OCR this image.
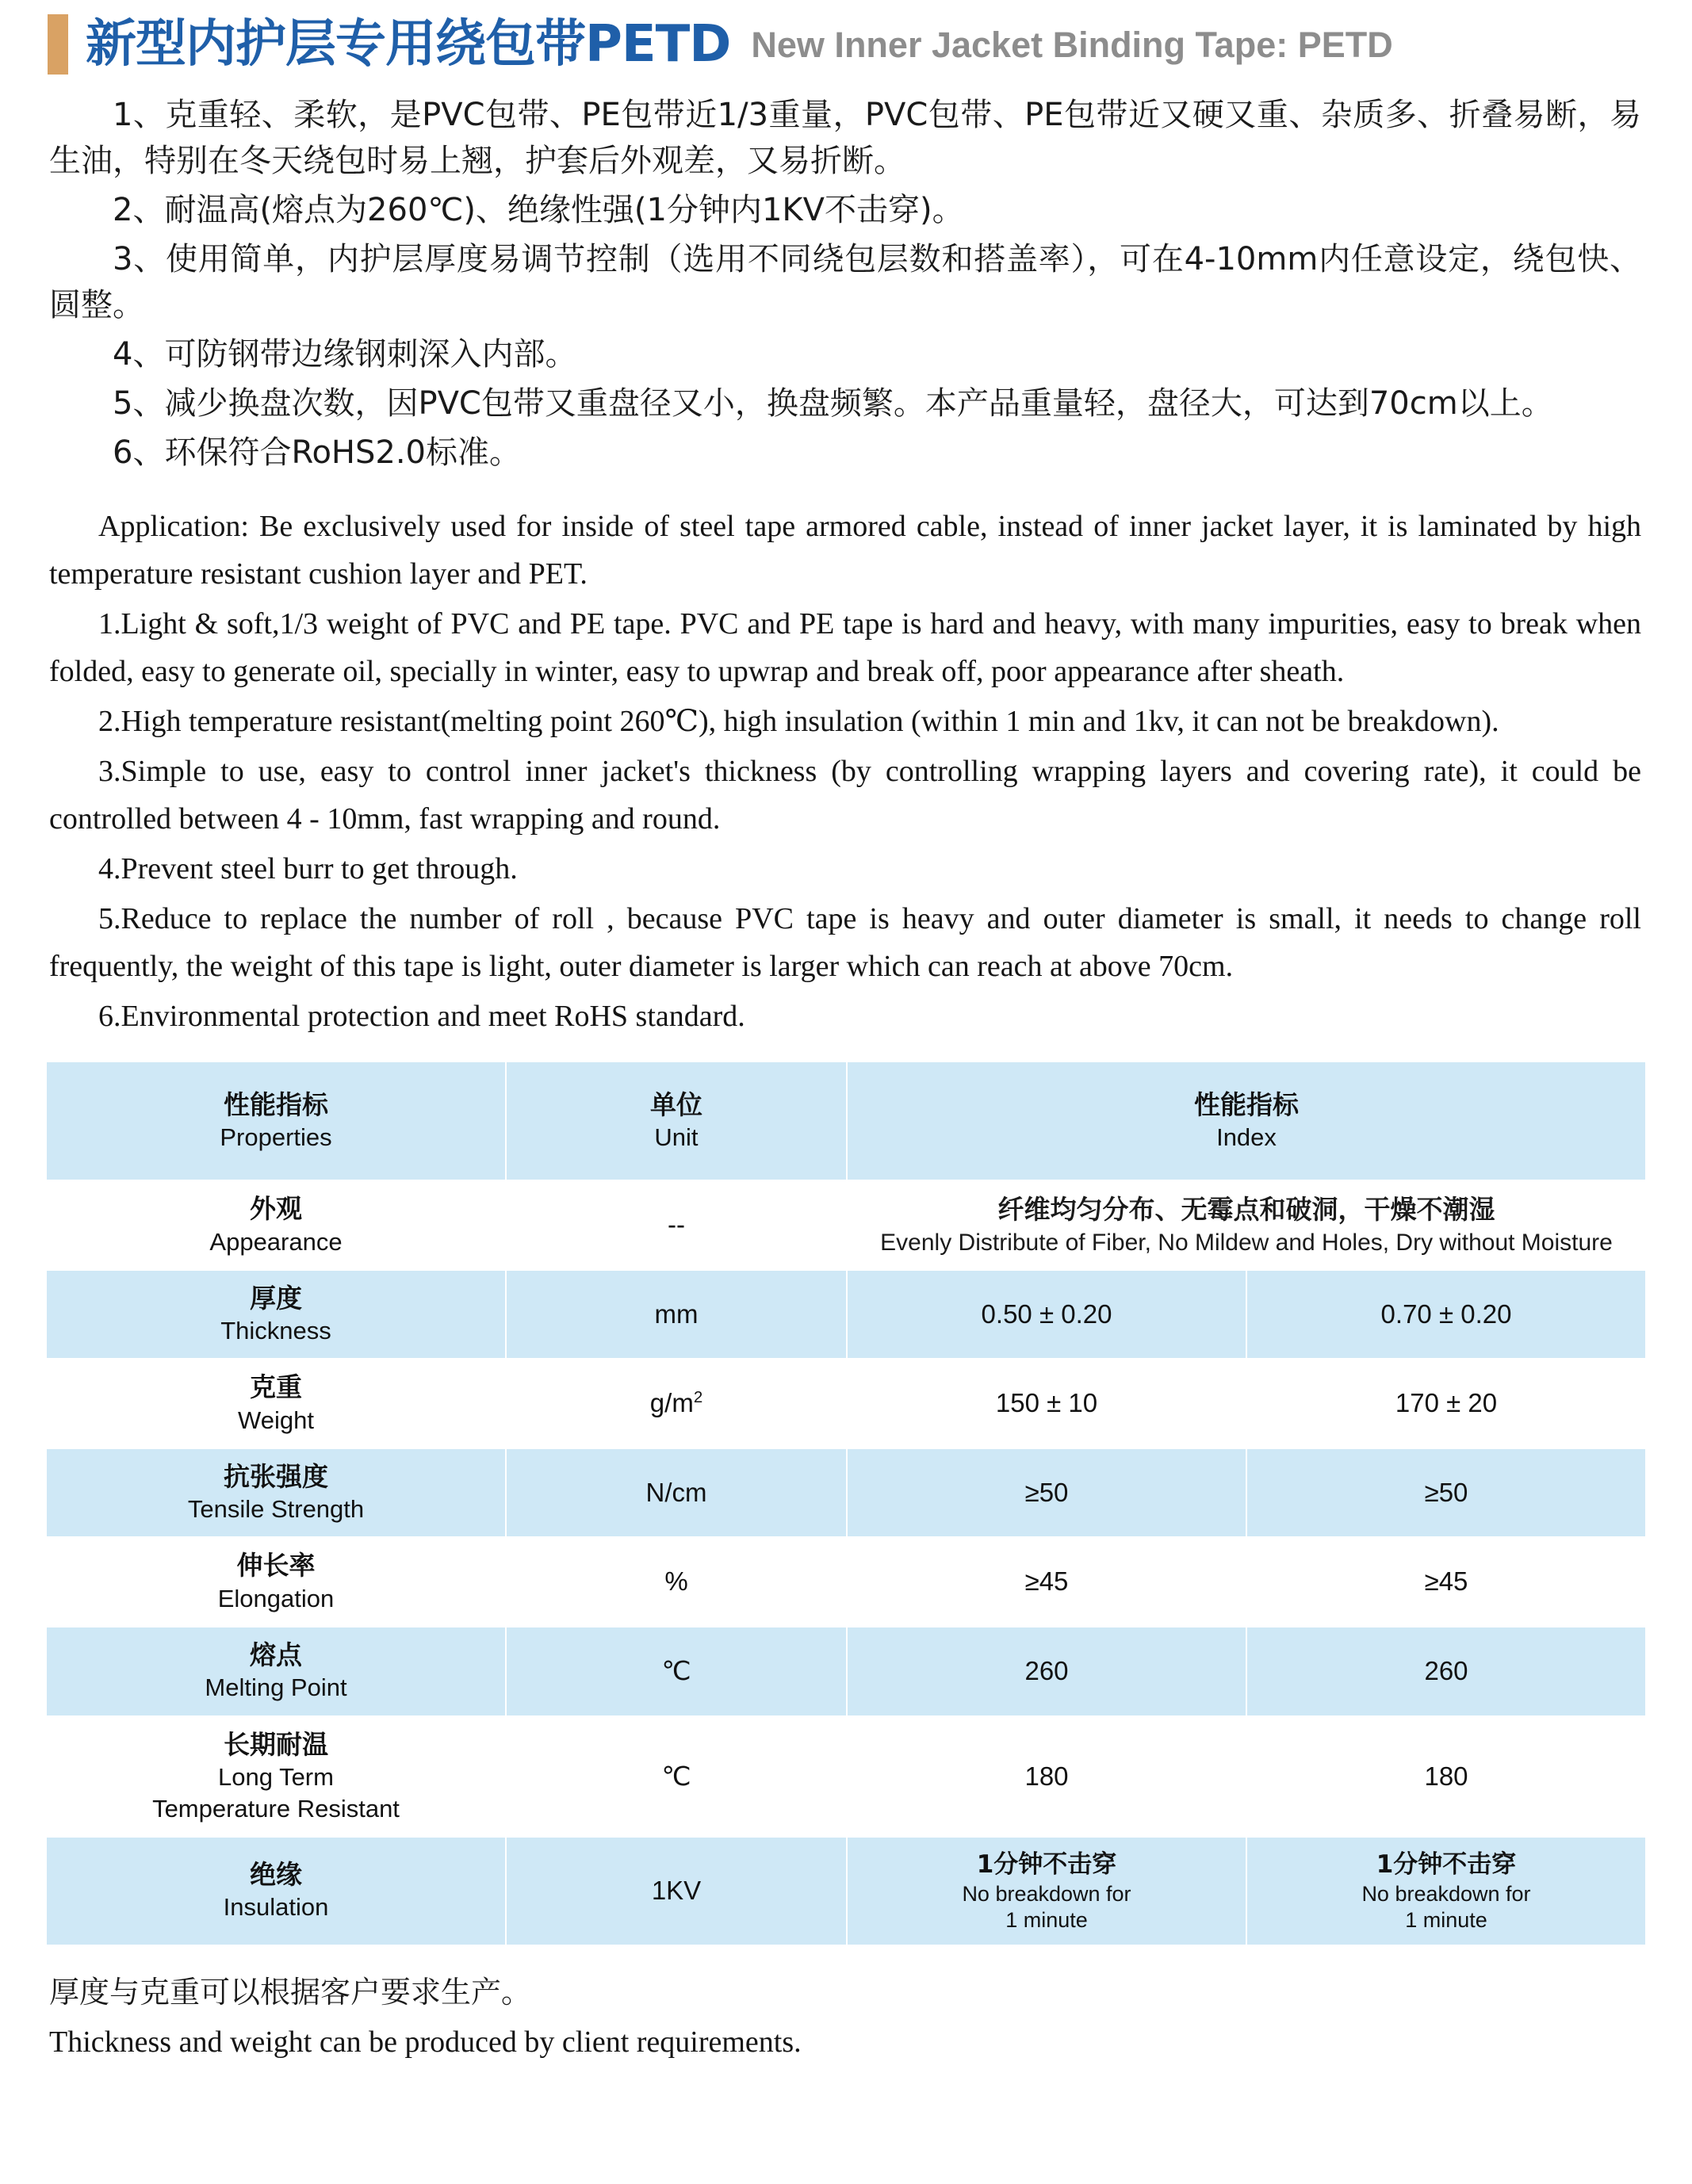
新型内护层专用绕包带PETD New Inner Jacket Binding Tape: PETD

1、克重轻、柔软，是PVC包带、PE包带近1/3重量，PVC包带、PE包带近又硬又重、杂质多、折叠易断，易生油，特别在冬天绕包时易上翘，护套后外观差，又易折断。

2、耐温高(熔点为260℃)、绝缘性强(1分钟内1KV不击穿)。

3、使用简单，内护层厚度易调节控制（选用不同绕包层数和搭盖率），可在4-10mm内任意设定，绕包快、圆整。

4、可防钢带边缘钢刺深入内部。

5、减少换盘次数，因PVC包带又重盘径又小，换盘频繁。本产品重量轻，盘径大，可达到70cm以上。

6、环保符合RoHS2.0标准。

Application: Be exclusively used for inside of steel tape armored cable, instead of inner jacket layer, it is laminated by high temperature resistant cushion layer and PET.

1.Light & soft,1/3 weight of PVC and PE tape. PVC and PE tape is hard and heavy, with many impurities, easy to break when folded, easy to generate oil, specially in winter, easy to upwrap and break off, poor appearance after sheath.

2.High temperature resistant(melting point 260℃), high insulation (within 1 min and 1kv, it can not be breakdown).

3.Simple to use, easy to control inner jacket's thickness (by controlling wrapping layers and covering rate), it could be controlled between 4 - 10mm, fast wrapping and round.

4.Prevent steel burr to get through.

5.Reduce to replace the number of roll , because PVC tape is heavy and outer diameter is small, it needs to change roll frequently, the weight of this tape is light, outer diameter is larger which can reach at above 70cm.

6.Environmental protection and meet RoHS standard.

性能指标
Properties	单位
Unit	性能指标
Index	

外观
Appearance	--	纤维均匀分布、无霉点和破洞，干燥不潮湿
Evenly Distribute of Fiber, No Mildew and Holes, Dry without Moisture	

厚度
Thickness	mm	0.50 ± 0.20	0.70 ± 0.20

克重
Weight	$g/m^2$	150 ± 10	170 ± 20

抗张强度
Tensile Strength	N/cm	≥50	≥50

伸长率
Elongation	%	≥45	≥45

熔点
Melting Point	℃	260	260

长期耐温
Long Term
Temperature Resistant	℃	180	180

绝缘
Insulation	1KV	1分钟不击穿
No breakdown for
1 minute	1分钟不击穿
No breakdown for
1 minute

厚度与克重可以根据客户要求生产。

Thickness and weight can be produced by client requirements.
